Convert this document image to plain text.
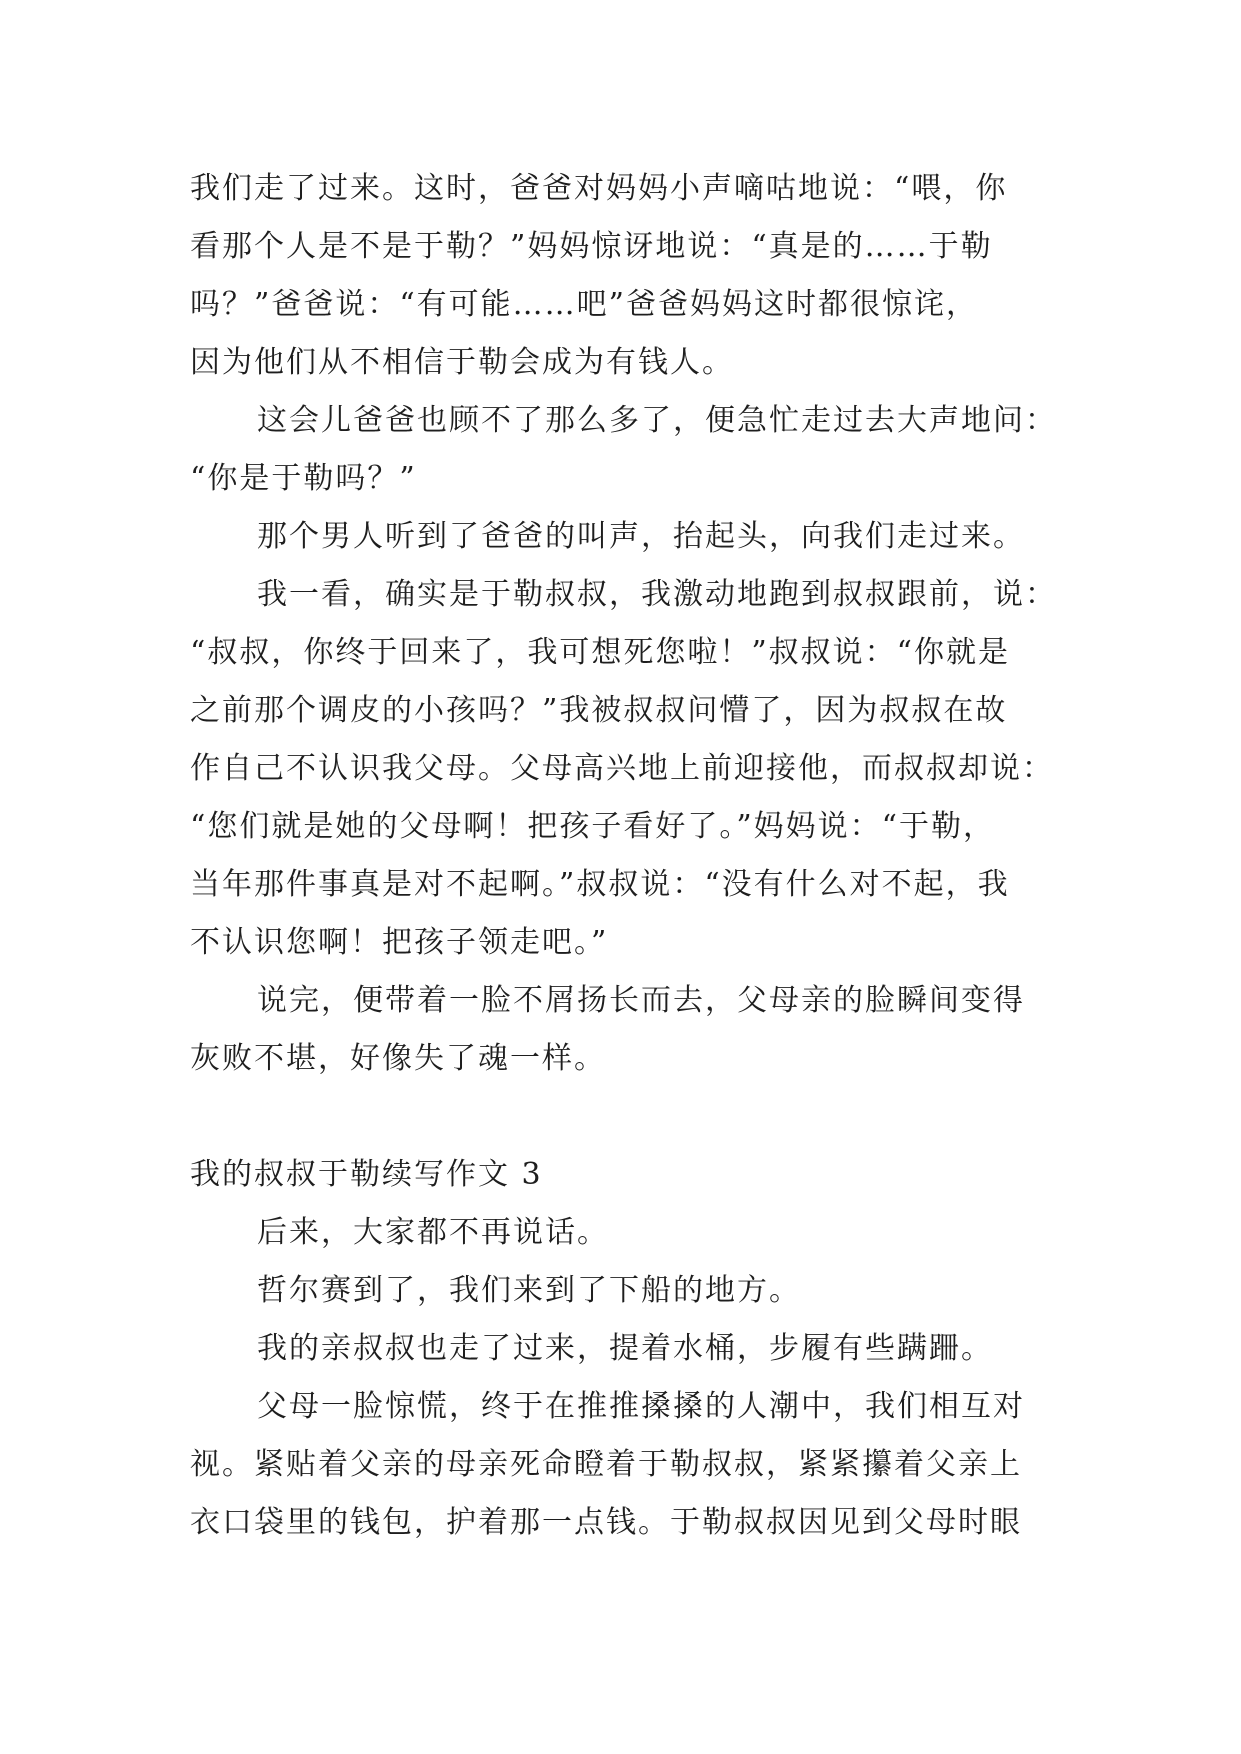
我们走了过来。这时，爸爸对妈妈小声嘀咕地说：“喂，你
看那个人是不是于勒？”妈妈惊讶地说：“真是的……于勒
吗？”爸爸说：“有可能……吧”爸爸妈妈这时都很惊诧，
因为他们从不相信于勒会成为有钱人。
这会儿爸爸也顾不了那么多了，便急忙走过去大声地问：
“你是于勒吗？”
那个男人听到了爸爸的叫声，抬起头，向我们走过来。
我一看，确实是于勒叔叔，我激动地跑到叔叔跟前，说：
“叔叔，你终于回来了，我可想死您啦！”叔叔说：“你就是
之前那个调皮的小孩吗？”我被叔叔问懵了，因为叔叔在故
作自己不认识我父母。父母高兴地上前迎接他，而叔叔却说：
“您们就是她的父母啊！把孩子看好了。”妈妈说：“于勒，
当年那件事真是对不起啊。”叔叔说：“没有什么对不起，我
不认识您啊！把孩子领走吧。”
说完，便带着一脸不屑扬长而去，父母亲的脸瞬间变得
灰败不堪，好像失了魂一样。
我的叔叔于勒续写作文 3
后来，大家都不再说话。
哲尔赛到了，我们来到了下船的地方。
我的亲叔叔也走了过来，提着水桶，步履有些蹒跚。
父母一脸惊慌，终于在推推搡搡的人潮中，我们相互对
视。紧贴着父亲的母亲死命瞪着于勒叔叔，紧紧攥着父亲上
衣口袋里的钱包，护着那一点钱。于勒叔叔因见到父母时眼
